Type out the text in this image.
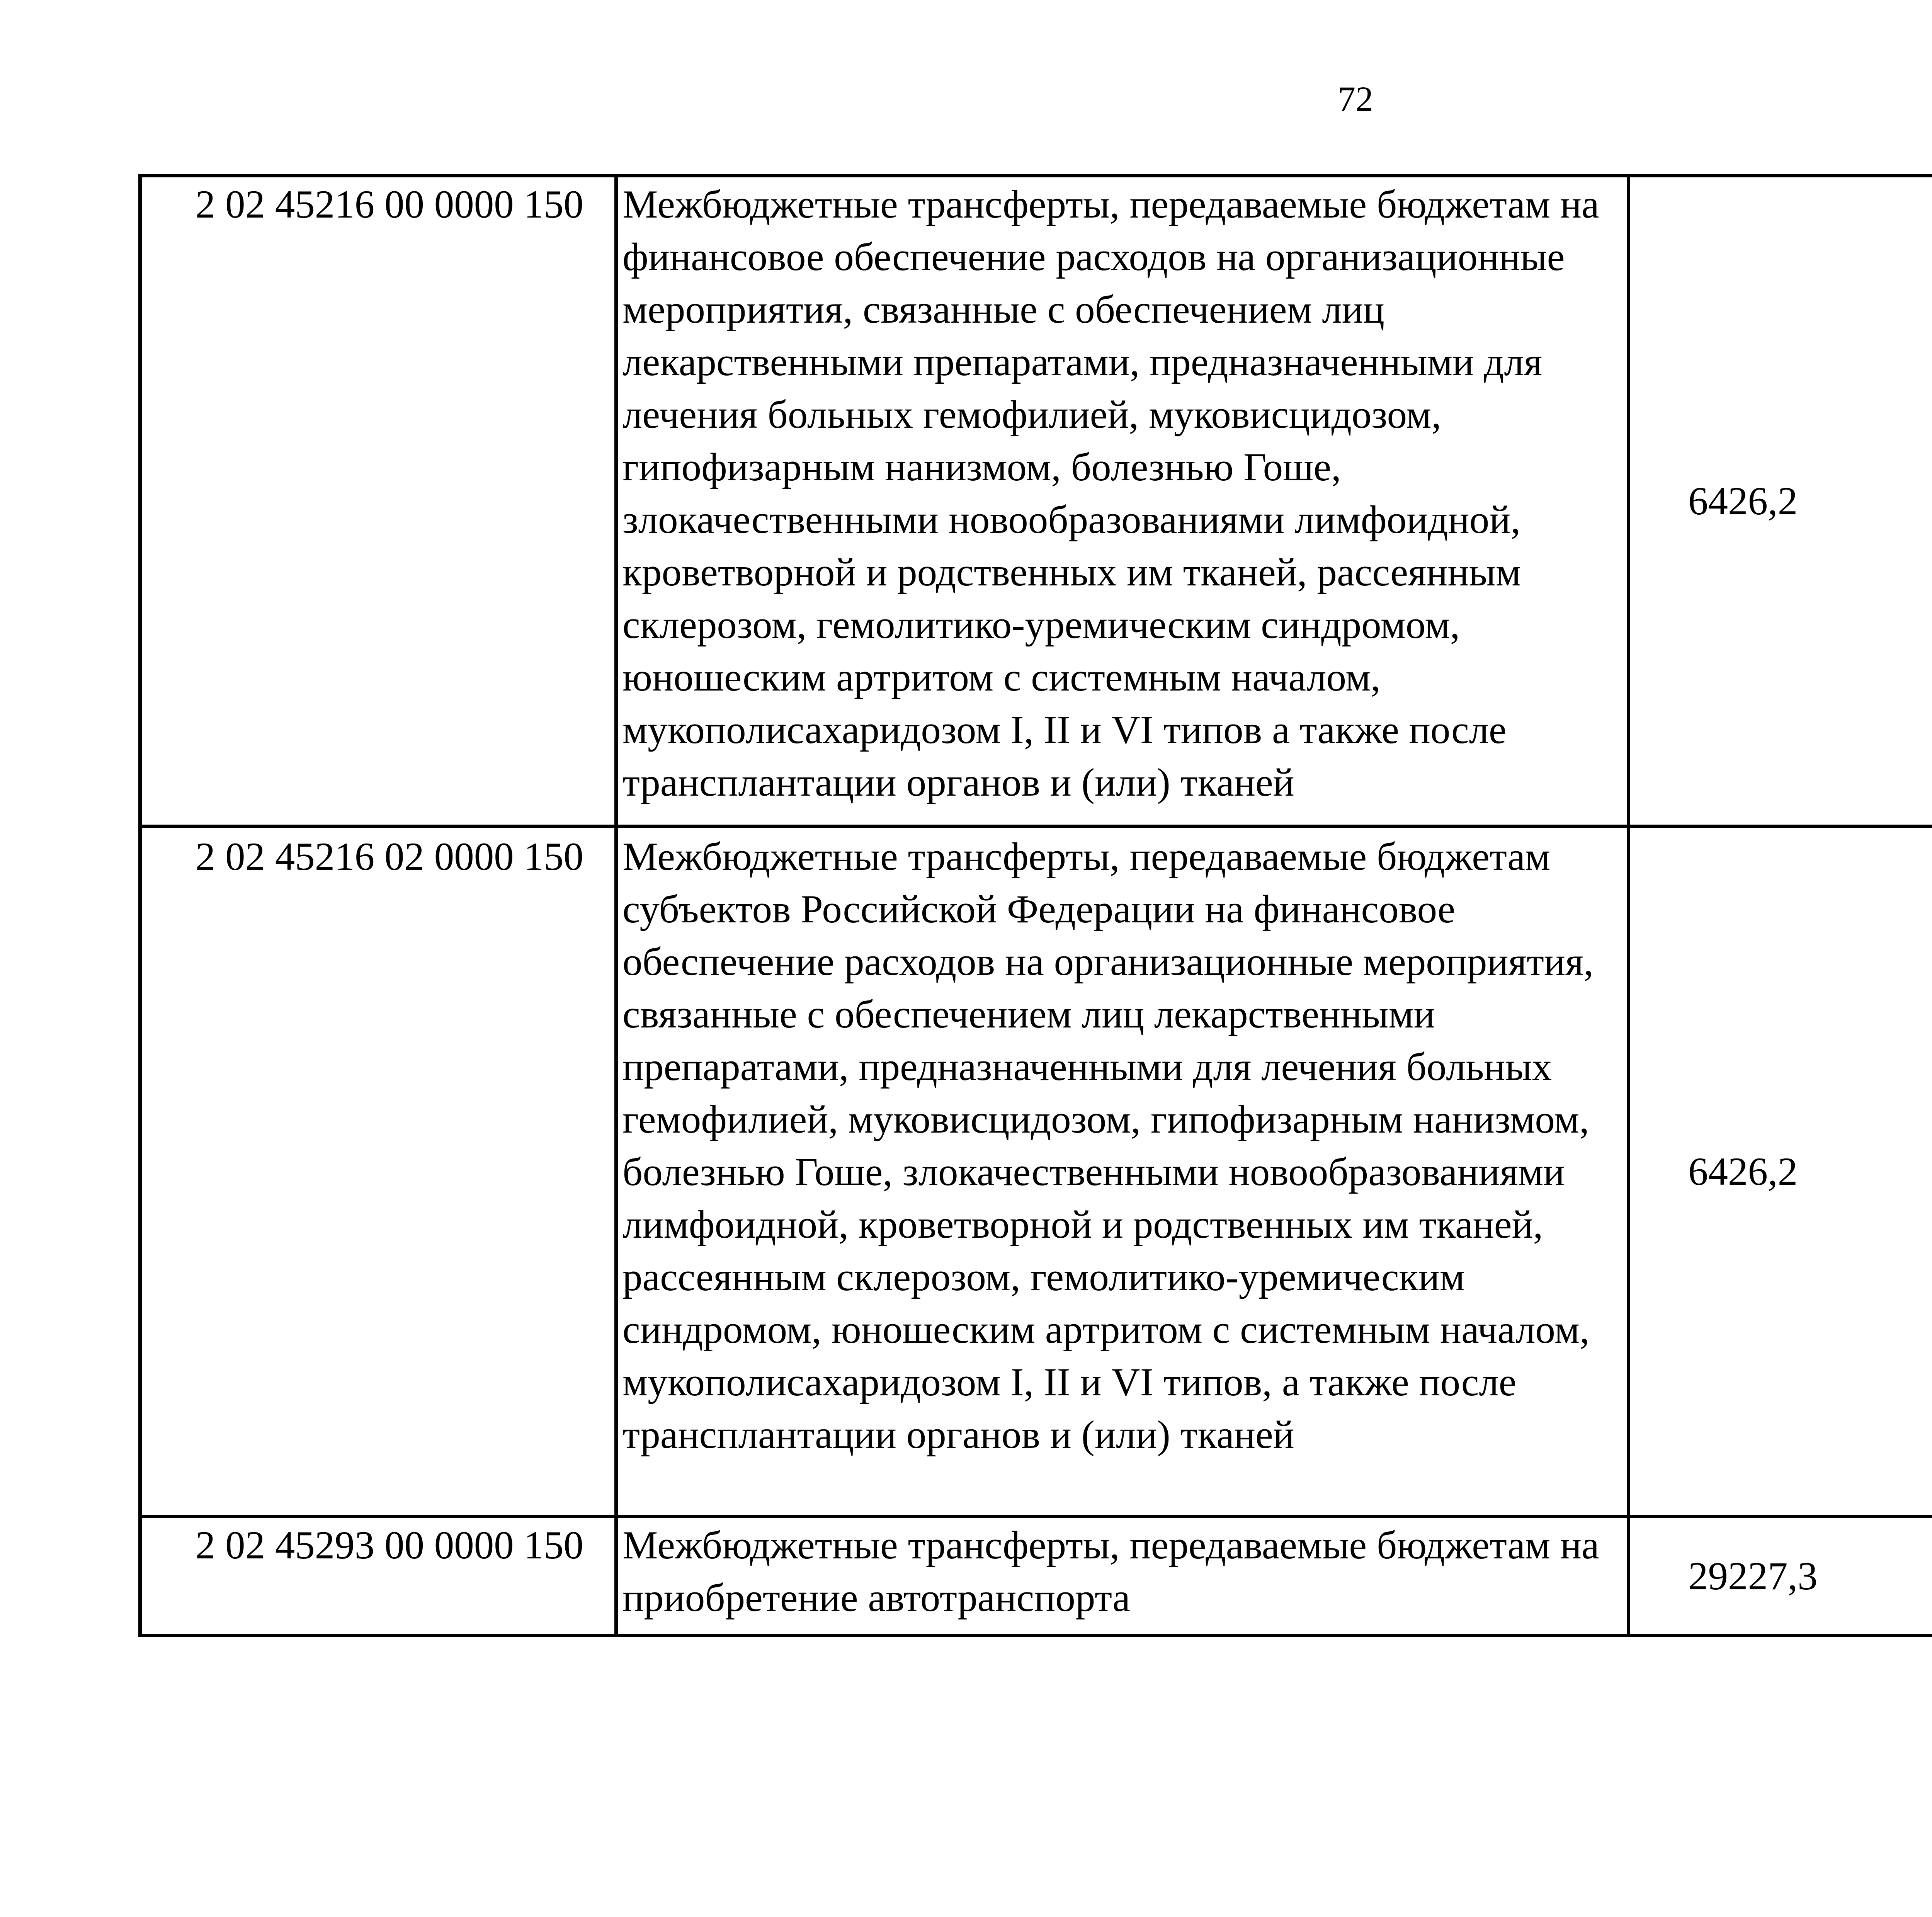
72
2 02 45216 00 0000 150	Межбюджетные трансферты, передаваемые бюджетам на финансовое обеспечение расходов на организационные мероприятия, связанные с обеспечением лиц лекарственными препаратами, предназначенными для лечения больных гемофилией, муковисцидозом, гипофизарным нанизмом, болезнью Гоше, злокачественными новообразованиями лимфоидной, кроветворной и родственных им тканей, рассеянным склерозом, гемолитико-уремическим синдромом, юношеским артритом с системным началом, мукополисахаридозом I, II и VI типов а также после трансплантации органов и (или) тканей	6426,2		
2 02 45216 02 0000 150	Межбюджетные трансферты, передаваемые бюджетам субъектов Российской Федерации на финансовое обеспечение расходов на организационные мероприятия, связанные с обеспечением лиц лекарственными препаратами, предназначенными для лечения больных гемофилией, муковисцидозом, гипофизарным нанизмом, болезнью Гоше, злокачественными новообразованиями лимфоидной, кроветворной и родственных им тканей, рассеянным склерозом, гемолитико-уремическим синдромом, юношеским артритом с системным началом, мукополисахаридозом I, II и VI типов, а также после трансплантации органов и (или) тканей	6426,2		
2 02 45293 00 0000 150	Межбюджетные трансферты, передаваемые бюджетам на приобретение автотранспорта	29227,3		
